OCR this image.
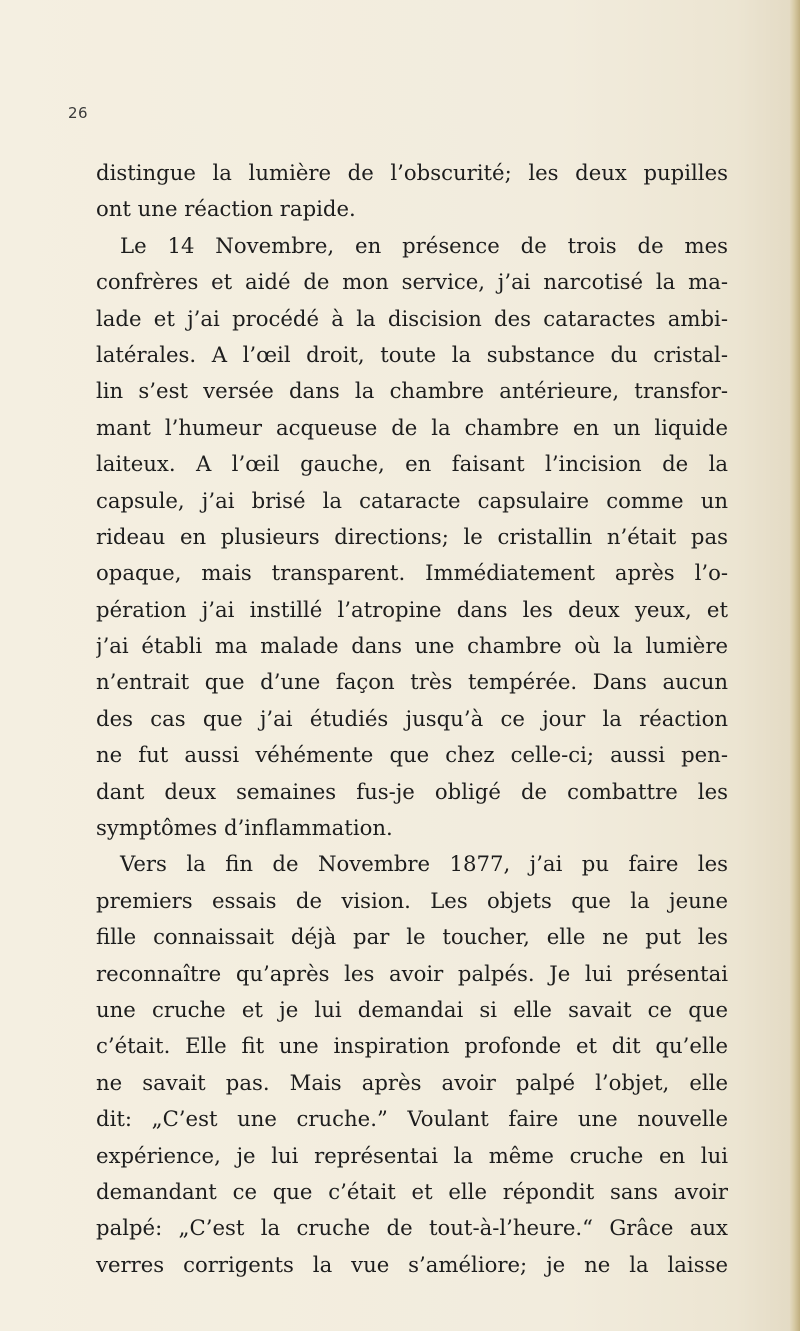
26
distingue la lumière de l’obscurité; les deux pupilles
ont une réaction rapide.
Le 14 Novembre, en présence de trois de mes
confrères et aidé de mon service, j’ai narcotisé la ma-
lade et j’ai procédé à la discision des cataractes ambi-
latérales. A l’œil droit, toute la substance du cristal-
lin s’est versée dans la chambre antérieure, transfor-
mant l’humeur acqueuse de la chambre en un liquide
laiteux. A l’œil gauche, en faisant l’incision de la
capsule, j’ai brisé la cataracte capsulaire comme un
rideau en plusieurs directions; le cristallin n’était pas
opaque, mais transparent. Immédiatement après l’o-
pération j’ai instillé l’atropine dans les deux yeux, et
j’ai établi ma malade dans une chambre où la lumière
n’entrait que d’une façon très tempérée. Dans aucun
des cas que j’ai étudiés jusqu’à ce jour la réaction
ne fut aussi véhémente que chez celle-ci; aussi pen-
dant deux semaines fus-je obligé de combattre les
symptômes d’inflammation.
Vers la fin de Novembre 1877, j’ai pu faire les
premiers essais de vision. Les objets que la jeune
fille connaissait déjà par le toucher, elle ne put les
reconnaître qu’après les avoir palpés. Je lui présentai
une cruche et je lui demandai si elle savait ce que
c’était. Elle fit une inspiration profonde et dit qu’elle
ne savait pas. Mais après avoir palpé l’objet, elle
dit: „C’est une cruche.” Voulant faire une nouvelle
expérience, je lui représentai la même cruche en lui
demandant ce que c’était et elle répondit sans avoir
palpé: „C’est la cruche de tout-à-l’heure.“ Grâce aux
verres corrigents la vue s’améliore; je ne la laisse
